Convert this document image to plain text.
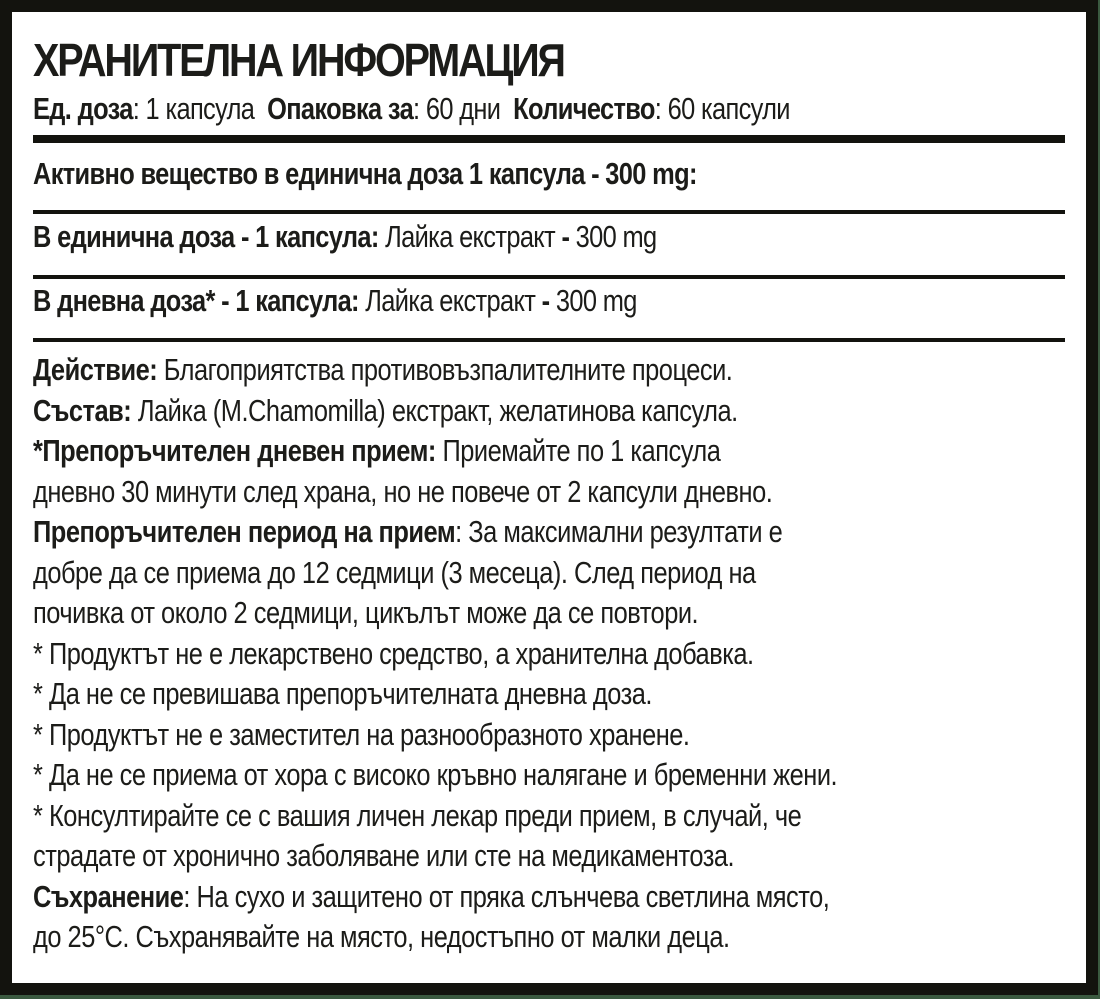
ХРАНИТЕЛНА ИНФОРМАЦИЯ
Ед. доза: 1 капсула Опаковка за: 60 дни Количество: 60 капсули
Активно вещество в единична доза 1 капсула - 300 mg:
В единична доза - 1 капсула: Лайка екстракт - 300 mg
В дневна доза* - 1 капсула: Лайка екстракт - 300 mg
Действие: Благоприятства противовъзпалителните процеси.
Състав: Лайка (M.Chamomilla) екстракт, желатинова капсула.
*Препоръчителен дневен прием: Приемайте по 1 капсула
дневно 30 минути след храна, но не повече от 2 капсули дневно.
Препоръчителен период на прием: За максимални резултати е
добре да се приема до 12 седмици (3 месеца). След период на
почивка от около 2 седмици, цикълът може да се повтори.
* Продуктът не е лекарствено средство, а хранителна добавка.
* Да не се превишава препоръчителната дневна доза.
* Продуктът не е заместител на разнообразното хранене.
* Да не се приема от хора с високо кръвно налягане и бременни жени.
* Консултирайте се с вашия личен лекар преди прием, в случай, че
страдате от хронично заболяване или сте на медикаментоза.
Съхранение: На сухо и защитено от пряка слънчева светлина място,
до 25°C. Съхранявайте на място, недостъпно от малки деца.
